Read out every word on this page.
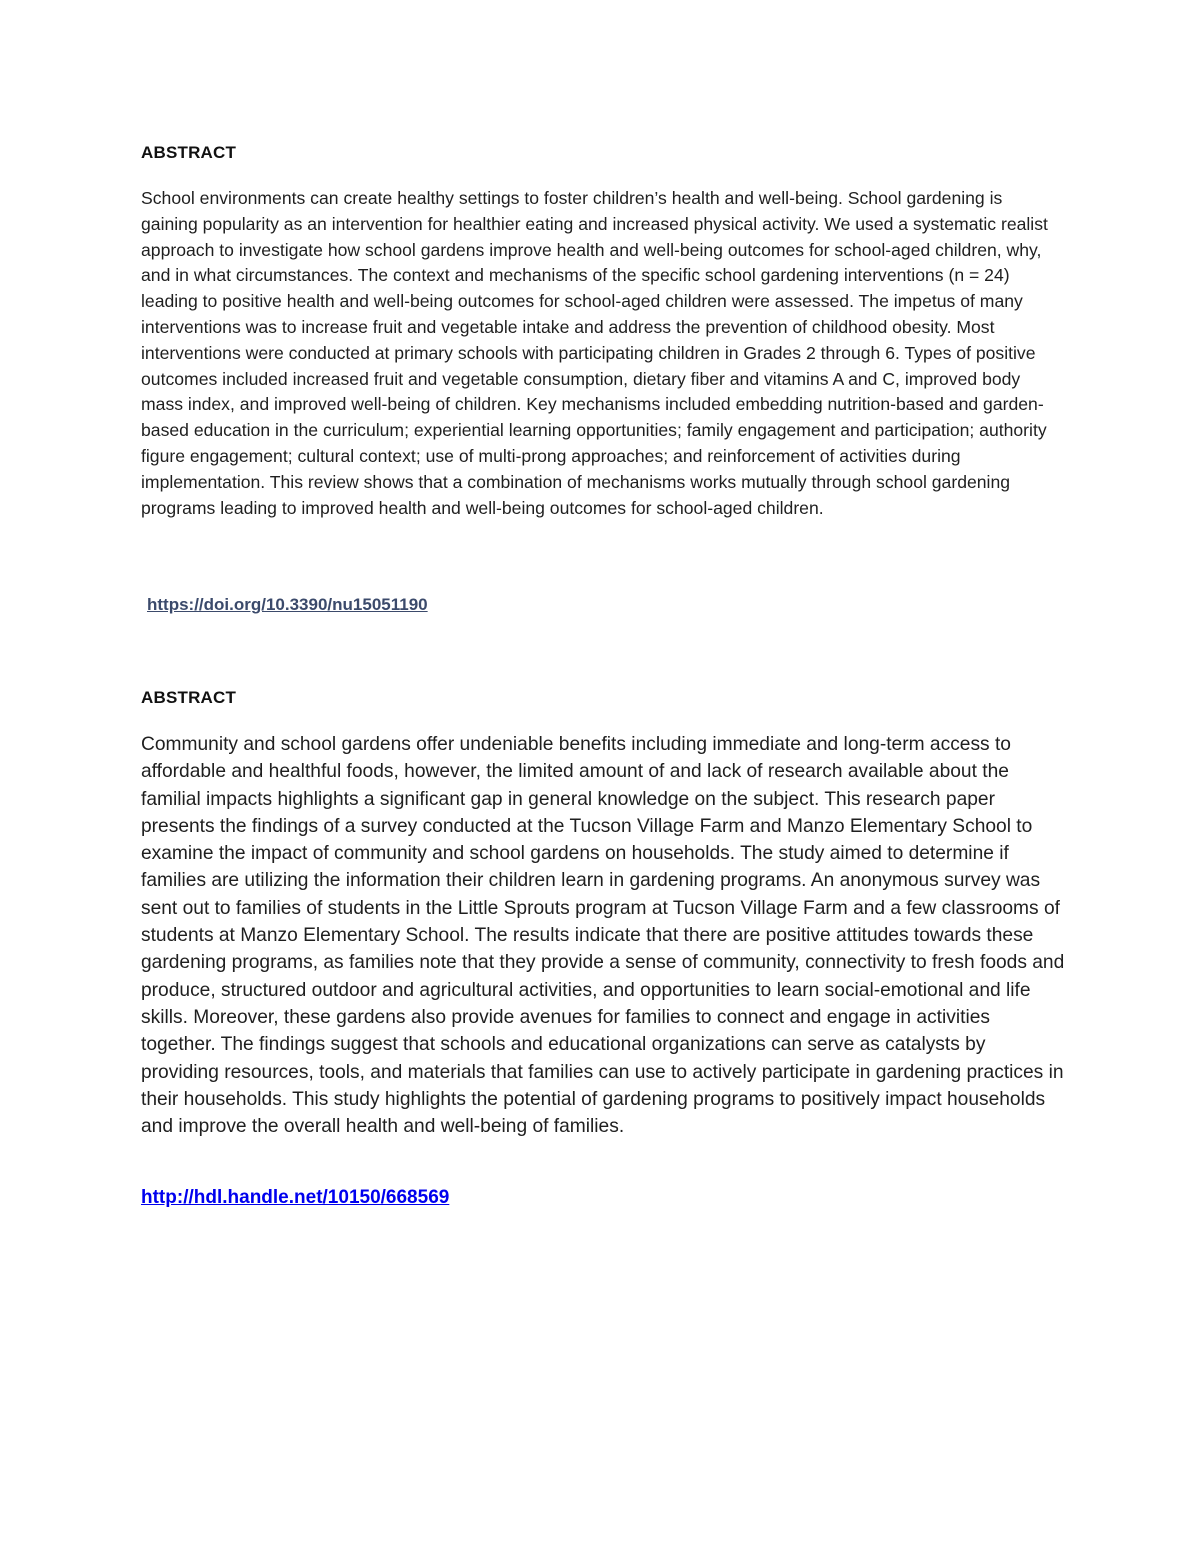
ABSTRACT

School environments can create healthy settings to foster children’s health and well-being. School gardening is gaining popularity as an intervention for healthier eating and increased physical activity. We used a systematic realist approach to investigate how school gardens improve health and well-being outcomes for school-aged children, why, and in what circumstances. The context and mechanisms of the specific school gardening interventions (n = 24) leading to positive health and well-being outcomes for school-aged children were assessed. The impetus of many interventions was to increase fruit and vegetable intake and address the prevention of childhood obesity. Most interventions were conducted at primary schools with participating children in Grades 2 through 6. Types of positive outcomes included increased fruit and vegetable consumption, dietary fiber and vitamins A and C, improved body mass index, and improved well-being of children. Key mechanisms included embedding nutrition-based and garden-based education in the curriculum; experiential learning opportunities; family engagement and participation; authority figure engagement; cultural context; use of multi-prong approaches; and reinforcement of activities during implementation. This review shows that a combination of mechanisms works mutually through school gardening programs leading to improved health and well-being outcomes for school-aged children.

https://doi.org/10.3390/nu15051190
ABSTRACT

Community and school gardens offer undeniable benefits including immediate and long-term access to affordable and healthful foods, however, the limited amount of and lack of research available about the familial impacts highlights a significant gap in general knowledge on the subject. This research paper presents the findings of a survey conducted at the Tucson Village Farm and Manzo Elementary School to examine the impact of community and school gardens on households. The study aimed to determine if families are utilizing the information their children learn in gardening programs. An anonymous survey was sent out to families of students in the Little Sprouts program at Tucson Village Farm and a few classrooms of students at Manzo Elementary School. The results indicate that there are positive attitudes towards these gardening programs, as families note that they provide a sense of community, connectivity to fresh foods and produce, structured outdoor and agricultural activities, and opportunities to learn social-emotional and life skills. Moreover, these gardens also provide avenues for families to connect and engage in activities together. The findings suggest that schools and educational organizations can serve as catalysts by providing resources, tools, and materials that families can use to actively participate in gardening practices in their households. This study highlights the potential of gardening programs to positively impact households and improve the overall health and well-being of families.

http://hdl.handle.net/10150/668569
